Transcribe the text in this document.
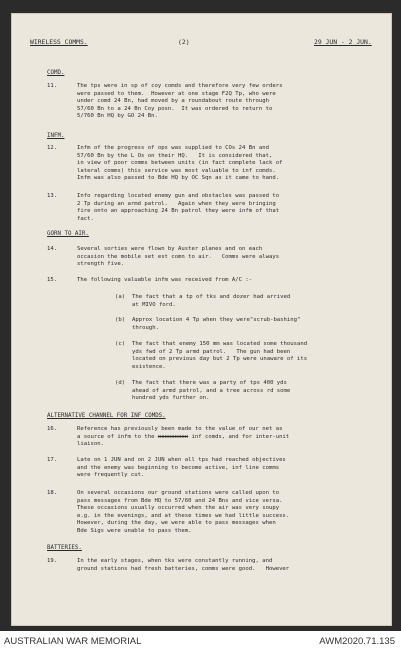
WIRELESS COMMS.	(2)	29 JUN - 2 JUN.
COMD.
11.	The tps were in sp of coy comds and therefore very few orders
were passed to them.  However at one stage F2Q Tp, who were
under comd 24 Bn, had moved by a roundabout route through
57/60 Bn to a 24 Bn Coy posn.  It was ordered to return to
5/760 Bn HQ by GO 24 Bn.
INFM.
12.	Infm of the progress of ops was supplied to COs 24 Bn and
57/60 Bn by the L Os on their HQ.   It is considered that,
in view of poor comms between units (in fact complete lack of
lateral comms) this service was most valuable to inf comds.
Infm was also passed to Bde HQ by OC Sqn as it came to hand.
13.	Info regarding located enemy gun and obstacles was passed to
2 Tp during an armd patrol.   Again when they were bringing
fire onto an approaching 24 Bn patrol they were infm of that
fact.
GORN TO AIR.
14.	Several sorties were flown by Auster planes and on each
occasion the mobile set est comn to air.   Comms were always
strength five.
15.	The following valuable infm was received from A/C :-
(a) The fact that a tp of tks and dozer had arrived
at MIVO ford.
(b) Approx location 4 Tp when they were"scrub-bashing"
through.
(c) The fact that enemy 150 mm was located some thousand
yds fwd of 2 Tp armd patrol.   The gun had been
located on previous day but 2 Tp were unaware of its
existence.
(d) The fact that there was a party of tps 400 yds
ahead of armd patrol, and a tree across rd some
hundred yds further on.
ALTERNATIVE CHANNEL FOR INF COMDS.
16.	Reference has previously been made to the value of our net as
a source of infm to the xxxxxxxxx inf comds, and for inter-unit
liaison.
17.	Late on 1 JUN and on 2 JUN when all tps had reached objectives
and the enemy was beginning to become active, inf line comms
were frequently cut.
18.	On several occasions our ground stations were called upon to
pass messages from Bde HQ to 57/60 and 24 Bns and vice versa.
These occasions usually occurred when the air was very soupy
e.g. in the evenings, and at these times we had little success.
However, during the day, we were able to pass messages when
Bde Sigs were unable to pass them.
BATTERIES.
19.	In the early stages, when tks were constantly running, and
ground stations had fresh batteries, comms were good.   However
AUSTRALIAN WAR MEMORIAL	AWM2020.71.135
